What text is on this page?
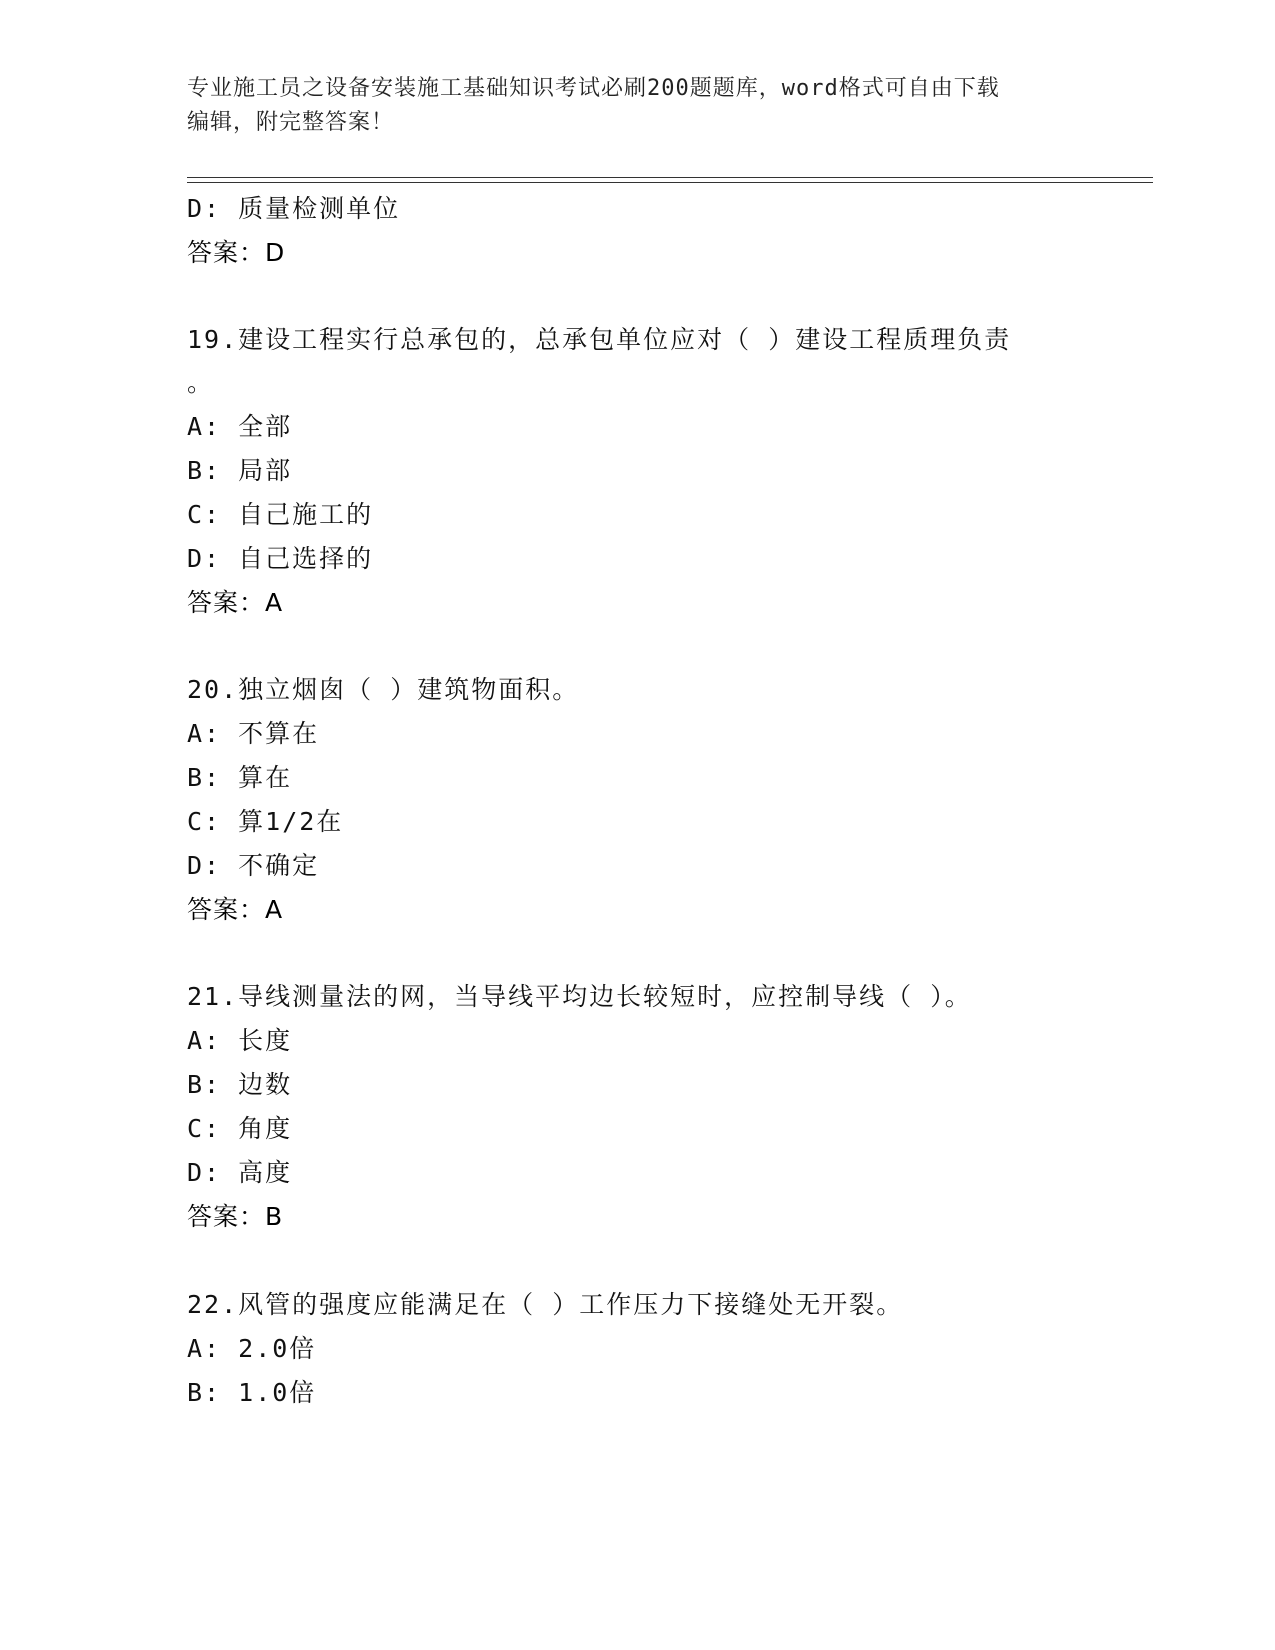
专业施工员之设备安装施工基础知识考试必刷200题题库，word格式可自由下载
编辑，附完整答案！
D: 质量检测单位
答案：D
19.建设工程实行总承包的，总承包单位应对（ ）建设工程质理负责
。
A: 全部
B: 局部
C: 自己施工的
D: 自己选择的
答案：A
20.独立烟囱（ ）建筑物面积。
A: 不算在
B: 算在
C: 算1/2在
D: 不确定
答案：A
21.导线测量法的网，当导线平均边长较短时，应控制导线（ ）。
A: 长度
B: 边数
C: 角度
D: 高度
答案：B
22.风管的强度应能满足在（ ）工作压力下接缝处无开裂。
A: 2.0倍
B: 1.0倍
